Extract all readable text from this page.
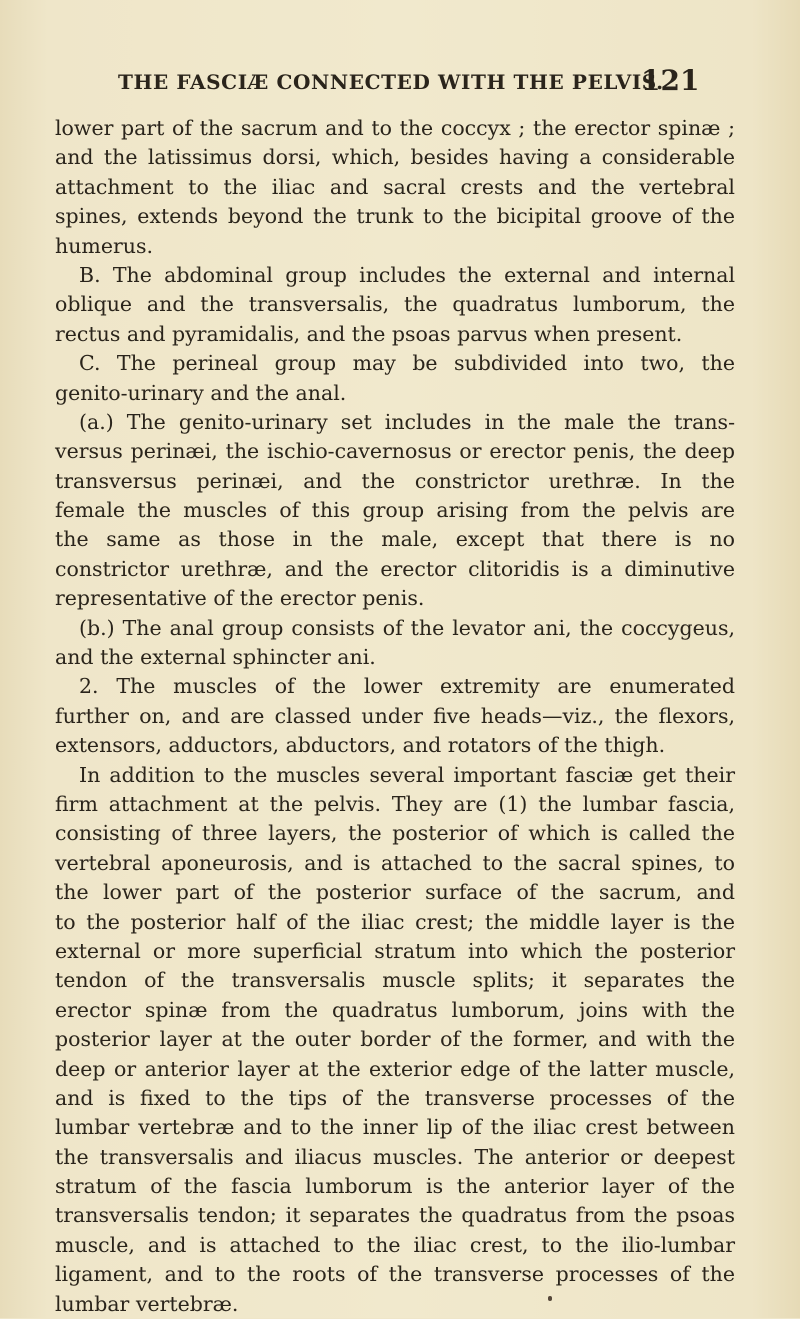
THE FASCIÆ CONNECTED WITH THE PELVIS.
121
lower part of the sacrum and to the coccyx ; the erector spinæ ;
and the latissimus dorsi, which, besides having a considerable
attachment to the iliac and sacral crests and the vertebral
spines, extends beyond the trunk to the bicipital groove of the
humerus.
B. The abdominal group includes the external and internal
oblique and the transversalis, the quadratus lumborum, the
rectus and pyramidalis, and the psoas parvus when present.
C. The perineal group may be subdivided into two, the
genito-urinary and the anal.
(a.) The genito-urinary set includes in the male the trans-
versus perinæi, the ischio-cavernosus or erector penis, the deep
transversus perinæi, and the constrictor urethræ. In the
female the muscles of this group arising from the pelvis are
the same as those in the male, except that there is no
constrictor urethræ, and the erector clitoridis is a diminutive
representative of the erector penis.
(b.) The anal group consists of the levator ani, the coccygeus,
and the external sphincter ani.
2. The muscles of the lower extremity are enumerated
further on, and are classed under five heads—viz., the flexors,
extensors, adductors, abductors, and rotators of the thigh.
In addition to the muscles several important fasciæ get their
firm attachment at the pelvis. They are (1) the lumbar fascia,
consisting of three layers, the posterior of which is called the
vertebral aponeurosis, and is attached to the sacral spines, to
the lower part of the posterior surface of the sacrum, and
to the posterior half of the iliac crest; the middle layer is the
external or more superficial stratum into which the posterior
tendon of the transversalis muscle splits; it separates the
erector spinæ from the quadratus lumborum, joins with the
posterior layer at the outer border of the former, and with the
deep or anterior layer at the exterior edge of the latter muscle,
and is fixed to the tips of the transverse processes of the
lumbar vertebræ and to the inner lip of the iliac crest between
the transversalis and iliacus muscles. The anterior or deepest
stratum of the fascia lumborum is the anterior layer of the
transversalis tendon; it separates the quadratus from the psoas
muscle, and is attached to the iliac crest, to the ilio-lumbar
ligament, and to the roots of the transverse processes of the
lumbar vertebræ.
